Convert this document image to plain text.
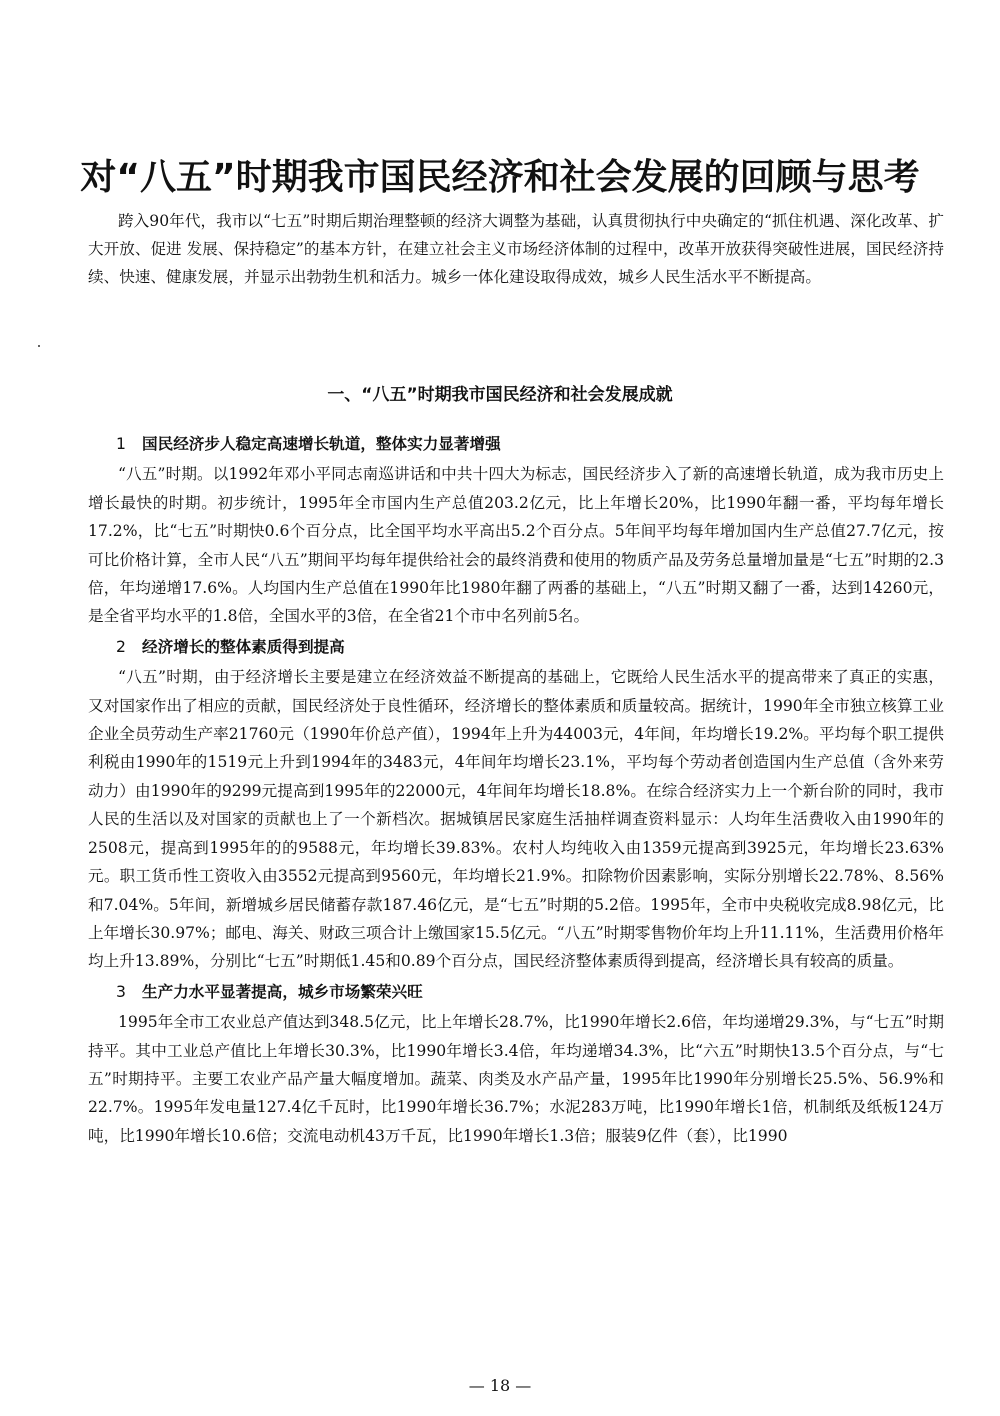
对“八五”时期我市国民经济和社会发展的回顾与思考

跨入90年代，我市以“七五”时期后期治理整顿的经济大调整为基础，认真贯彻执行中央确定的“抓住机遇、深化改革、扩大开放、促进 发展、保持稳定”的基本方针，在建立社会主义市场经济体制的过程中，改革开放获得突破性进展，国民经济持续、快速、健康发展，并显示出勃勃生机和活力。城乡一体化建设取得成效，城乡人民生活水平不断提高。

一、“八五”时期我市国民经济和社会发展成就

1 国民经济步人稳定高速增长轨道，整体实力显著增强

“八五”时期。以1992年邓小平同志南巡讲话和中共十四大为标志，国民经济步入了新的高速增长轨道，成为我市历史上增长最快的时期。初步统计，1995年全市国内生产总值203.2亿元，比上年增长20%，比1990年翻一番，平均每年增长17.2%，比“七五”时期快0.6个百分点，比全国平均水平高出5.2个百分点。5年间平均每年增加国内生产总值27.7亿元，按可比价格计算，全市人民“八五”期间平均每年提供给社会的最终消费和使用的物质产品及劳务总量增加量是“七五”时期的2.3倍，年均递增17.6%。人均国内生产总值在1990年比1980年翻了两番的基础上，“八五”时期又翻了一番，达到14260元，是全省平均水平的1.8倍，全国水平的3倍，在全省21个市中名列前5名。

2 经济增长的整体素质得到提高

“八五”时期，由于经济增长主要是建立在经济效益不断提高的基础上，它既给人民生活水平的提高带来了真正的实惠，又对国家作出了相应的贡献，国民经济处于良性循环，经济增长的整体素质和质量较高。据统计，1990年全市独立核算工业企业全员劳动生产率21760元（1990年价总产值），1994年上升为44003元，4年间，年均增长19.2%。平均每个职工提供利税由1990年的1519元上升到1994年的3483元，4年间年均增长23.1%，平均每个劳动者创造国内生产总值（含外来劳动力）由1990年的9299元提高到1995年的22000元，4年间年均增长18.8%。在综合经济实力上一个新台阶的同时，我市人民的生活以及对国家的贡献也上了一个新档次。据城镇居民家庭生活抽样调查资料显示：人均年生活费收入由1990年的2508元，提高到1995年的的9588元，年均增长39.83%。农村人均纯收入由1359元提高到3925元，年均增长23.63%元。职工货币性工资收入由3552元提高到9560元，年均增长21.9%。扣除物价因素影响，实际分别增长22.78%、8.56%和7.04%。5年间，新增城乡居民储蓄存款187.46亿元，是“七五”时期的5.2倍。1995年，全市中央税收完成8.98亿元，比上年增长30.97%；邮电、海关、财政三项合计上缴国家15.5亿元。“八五”时期零售物价年均上升11.11%，生活费用价格年均上升13.89%，分别比“七五”时期低1.45和0.89个百分点，国民经济整体素质得到提高，经济增长具有较高的质量。

3 生产力水平显著提高，城乡市场繁荣兴旺

1995年全市工农业总产值达到348.5亿元，比上年增长28.7%，比1990年增长2.6倍，年均递增29.3%，与“七五”时期持平。其中工业总产值比上年增长30.3%，比1990年增长3.4倍，年均递增34.3%，比“六五”时期快13.5个百分点，与“七五”时期持平。主要工农业产品产量大幅度增加。蔬菜、肉类及水产品产量，1995年比1990年分别增长25.5%、56.9%和22.7%。1995年发电量127.4亿千瓦时，比1990年增长36.7%；水泥283万吨，比1990年增长1倍，机制纸及纸板124万吨，比1990年增长10.6倍；交流电动机43万千瓦，比1990年增长1.3倍；服装9亿件（套），比1990

— 18 —
